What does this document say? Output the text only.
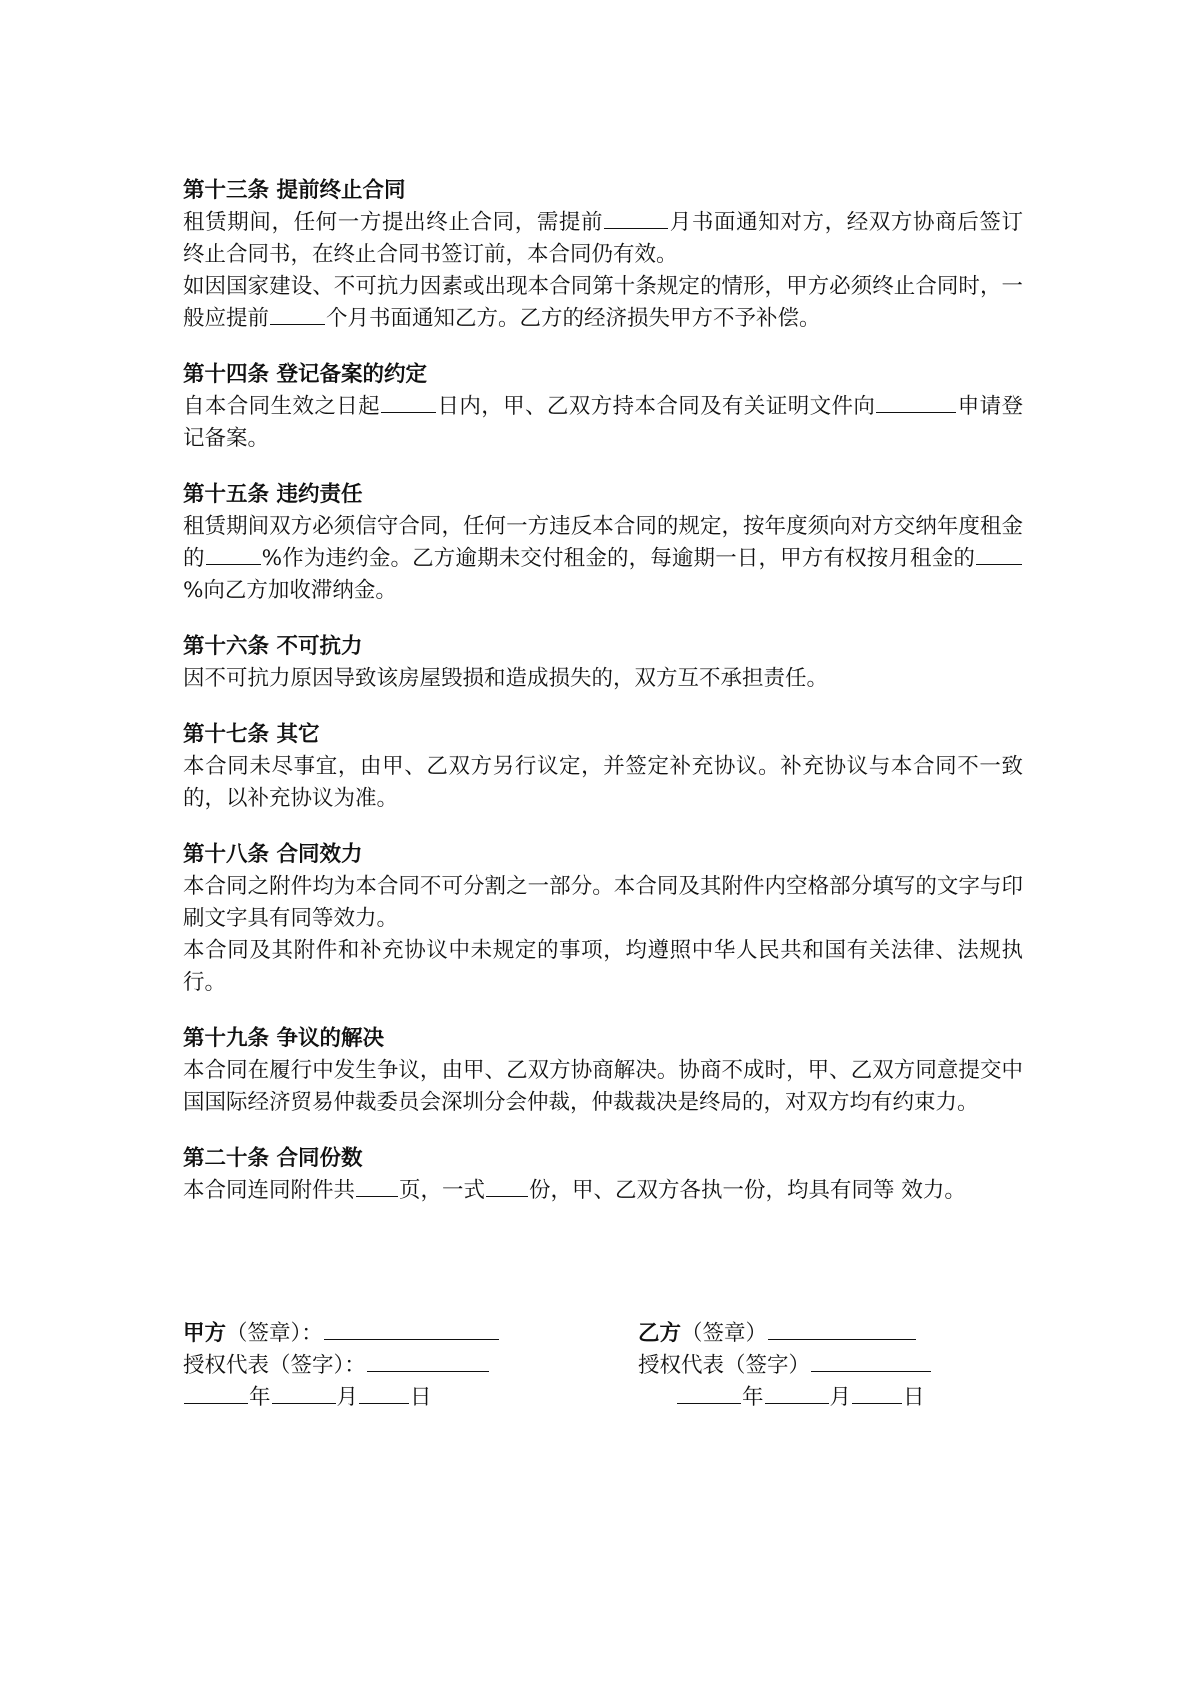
第十三条 提前终止合同
租赁期间，任何一方提出终止合同，需提前	月书面通知对方，经双方协商后签订终止合同书，在终止合同书签订前，本合同仍有效。
如因国家建设、不可抗力因素或出现本合同第十条规定的情形，甲方必须终止合同时，一般应提前	个月书面通知乙方。乙方的经济损失甲方不予补偿。
第十四条 登记备案的约定
自本合同生效之日起	日内，甲、乙双方持本合同及有关证明文件向	申请登记备案。
第十五条 违约责任
租赁期间双方必须信守合同，任何一方违反本合同的规定，按年度须向对方交纳年度租金的	%作为违约金。乙方逾期未交付租金的，每逾期一日，甲方有权按月租金的%向乙方加收滞纳金。
第十六条 不可抗力
因不可抗力原因导致该房屋毁损和造成损失的，双方互不承担责任。
第十七条 其它
本合同未尽事宜，由甲、乙双方另行议定，并签定补充协议。补充协议与本合同不一致的，以补充协议为准。
第十八条 合同效力
本合同之附件均为本合同不可分割之一部分。本合同及其附件内空格部分填写的文字与印刷文字具有同等效力。
本合同及其附件和补充协议中未规定的事项，均遵照中华人民共和国有关法律、法规执行。
第十九条 争议的解决
本合同在履行中发生争议，由甲、乙双方协商解决。协商不成时，甲、乙双方同意提交中国国际经济贸易仲裁委员会深圳分会仲裁，仲裁裁决是终局的，对双方均有约束力。
第二十条 合同份数
本合同连同附件共 页，一式 份，甲、乙双方各执一份，均具有同等 效力。
甲方（签章）：	乙方（签章）
授权代表（签字）：	授权代表（签字）
年	月 日	年	月 日
